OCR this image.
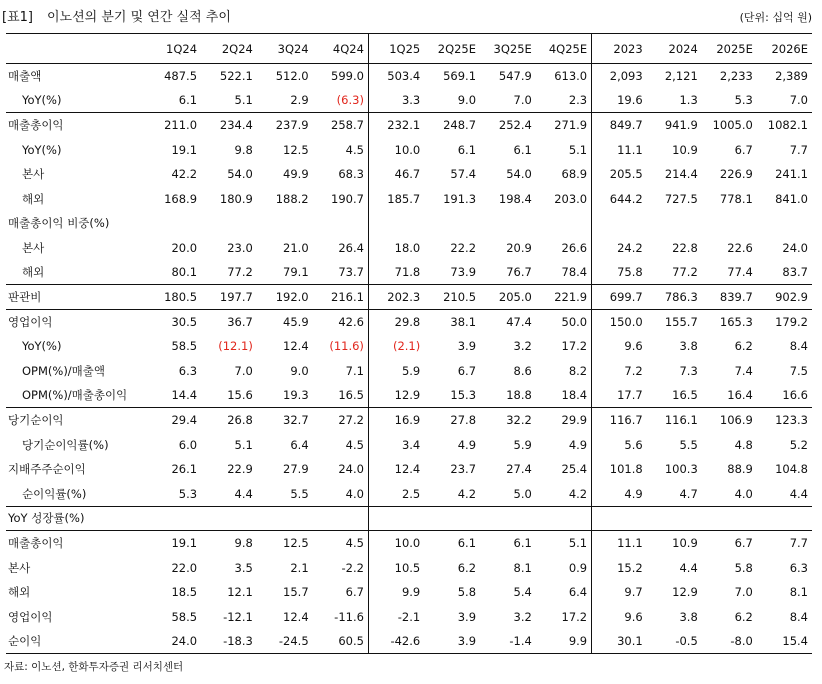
[표1] 이노션의 분기 및 연간 실적 추이	(단위: 십억 원)
	1Q24	2Q24	3Q24	4Q24	1Q25	2Q25E	3Q25E	4Q25E	2023	2024	2025E	2026E
매출액	487.5	522.1	512.0	599.0	503.4	569.1	547.9	613.0	2,093	2,121	2,233	2,389
YoY(%)	6.1	5.1	2.9	(6.3)	3.3	9.0	7.0	2.3	19.6	1.3	5.3	7.0
매출총이익	211.0	234.4	237.9	258.7	232.1	248.7	252.4	271.9	849.7	941.9	1005.0	1082.1
YoY(%)	19.1	9.8	12.5	4.5	10.0	6.1	6.1	5.1	11.1	10.9	6.7	7.7
본사	42.2	54.0	49.9	68.3	46.7	57.4	54.0	68.9	205.5	214.4	226.9	241.1
해외	168.9	180.9	188.2	190.7	185.7	191.3	198.4	203.0	644.2	727.5	778.1	841.0
매출총이익 비중(%)												
본사	20.0	23.0	21.0	26.4	18.0	22.2	20.9	26.6	24.2	22.8	22.6	24.0
해외	80.1	77.2	79.1	73.7	71.8	73.9	76.7	78.4	75.8	77.2	77.4	83.7
판관비	180.5	197.7	192.0	216.1	202.3	210.5	205.0	221.9	699.7	786.3	839.7	902.9
영업이익	30.5	36.7	45.9	42.6	29.8	38.1	47.4	50.0	150.0	155.7	165.3	179.2
YoY(%)	58.5	(12.1)	12.4	(11.6)	(2.1)	3.9	3.2	17.2	9.6	3.8	6.2	8.4
OPM(%)/매출액	6.3	7.0	9.0	7.1	5.9	6.7	8.6	8.2	7.2	7.3	7.4	7.5
OPM(%)/매출총이익	14.4	15.6	19.3	16.5	12.9	15.3	18.8	18.4	17.7	16.5	16.4	16.6
당기순이익	29.4	26.8	32.7	27.2	16.9	27.8	32.2	29.9	116.7	116.1	106.9	123.3
당기순이익률(%)	6.0	5.1	6.4	4.5	3.4	4.9	5.9	4.9	5.6	5.5	4.8	5.2
지배주주순이익	26.1	22.9	27.9	24.0	12.4	23.7	27.4	25.4	101.8	100.3	88.9	104.8
순이익률(%)	5.3	4.4	5.5	4.0	2.5	4.2	5.0	4.2	4.9	4.7	4.0	4.4
YoY 성장률(%)												
매출총이익	19.1	9.8	12.5	4.5	10.0	6.1	6.1	5.1	11.1	10.9	6.7	7.7
본사	22.0	3.5	2.1	-2.2	10.5	6.2	8.1	0.9	15.2	4.4	5.8	6.3
해외	18.5	12.1	15.7	6.7	9.9	5.8	5.4	6.4	9.7	12.9	7.0	8.1
영업이익	58.5	-12.1	12.4	-11.6	-2.1	3.9	3.2	17.2	9.6	3.8	6.2	8.4
순이익	24.0	-18.3	-24.5	60.5	-42.6	3.9	-1.4	9.9	30.1	-0.5	-8.0	15.4
자료: 이노션, 한화투자증권 리서치센터
